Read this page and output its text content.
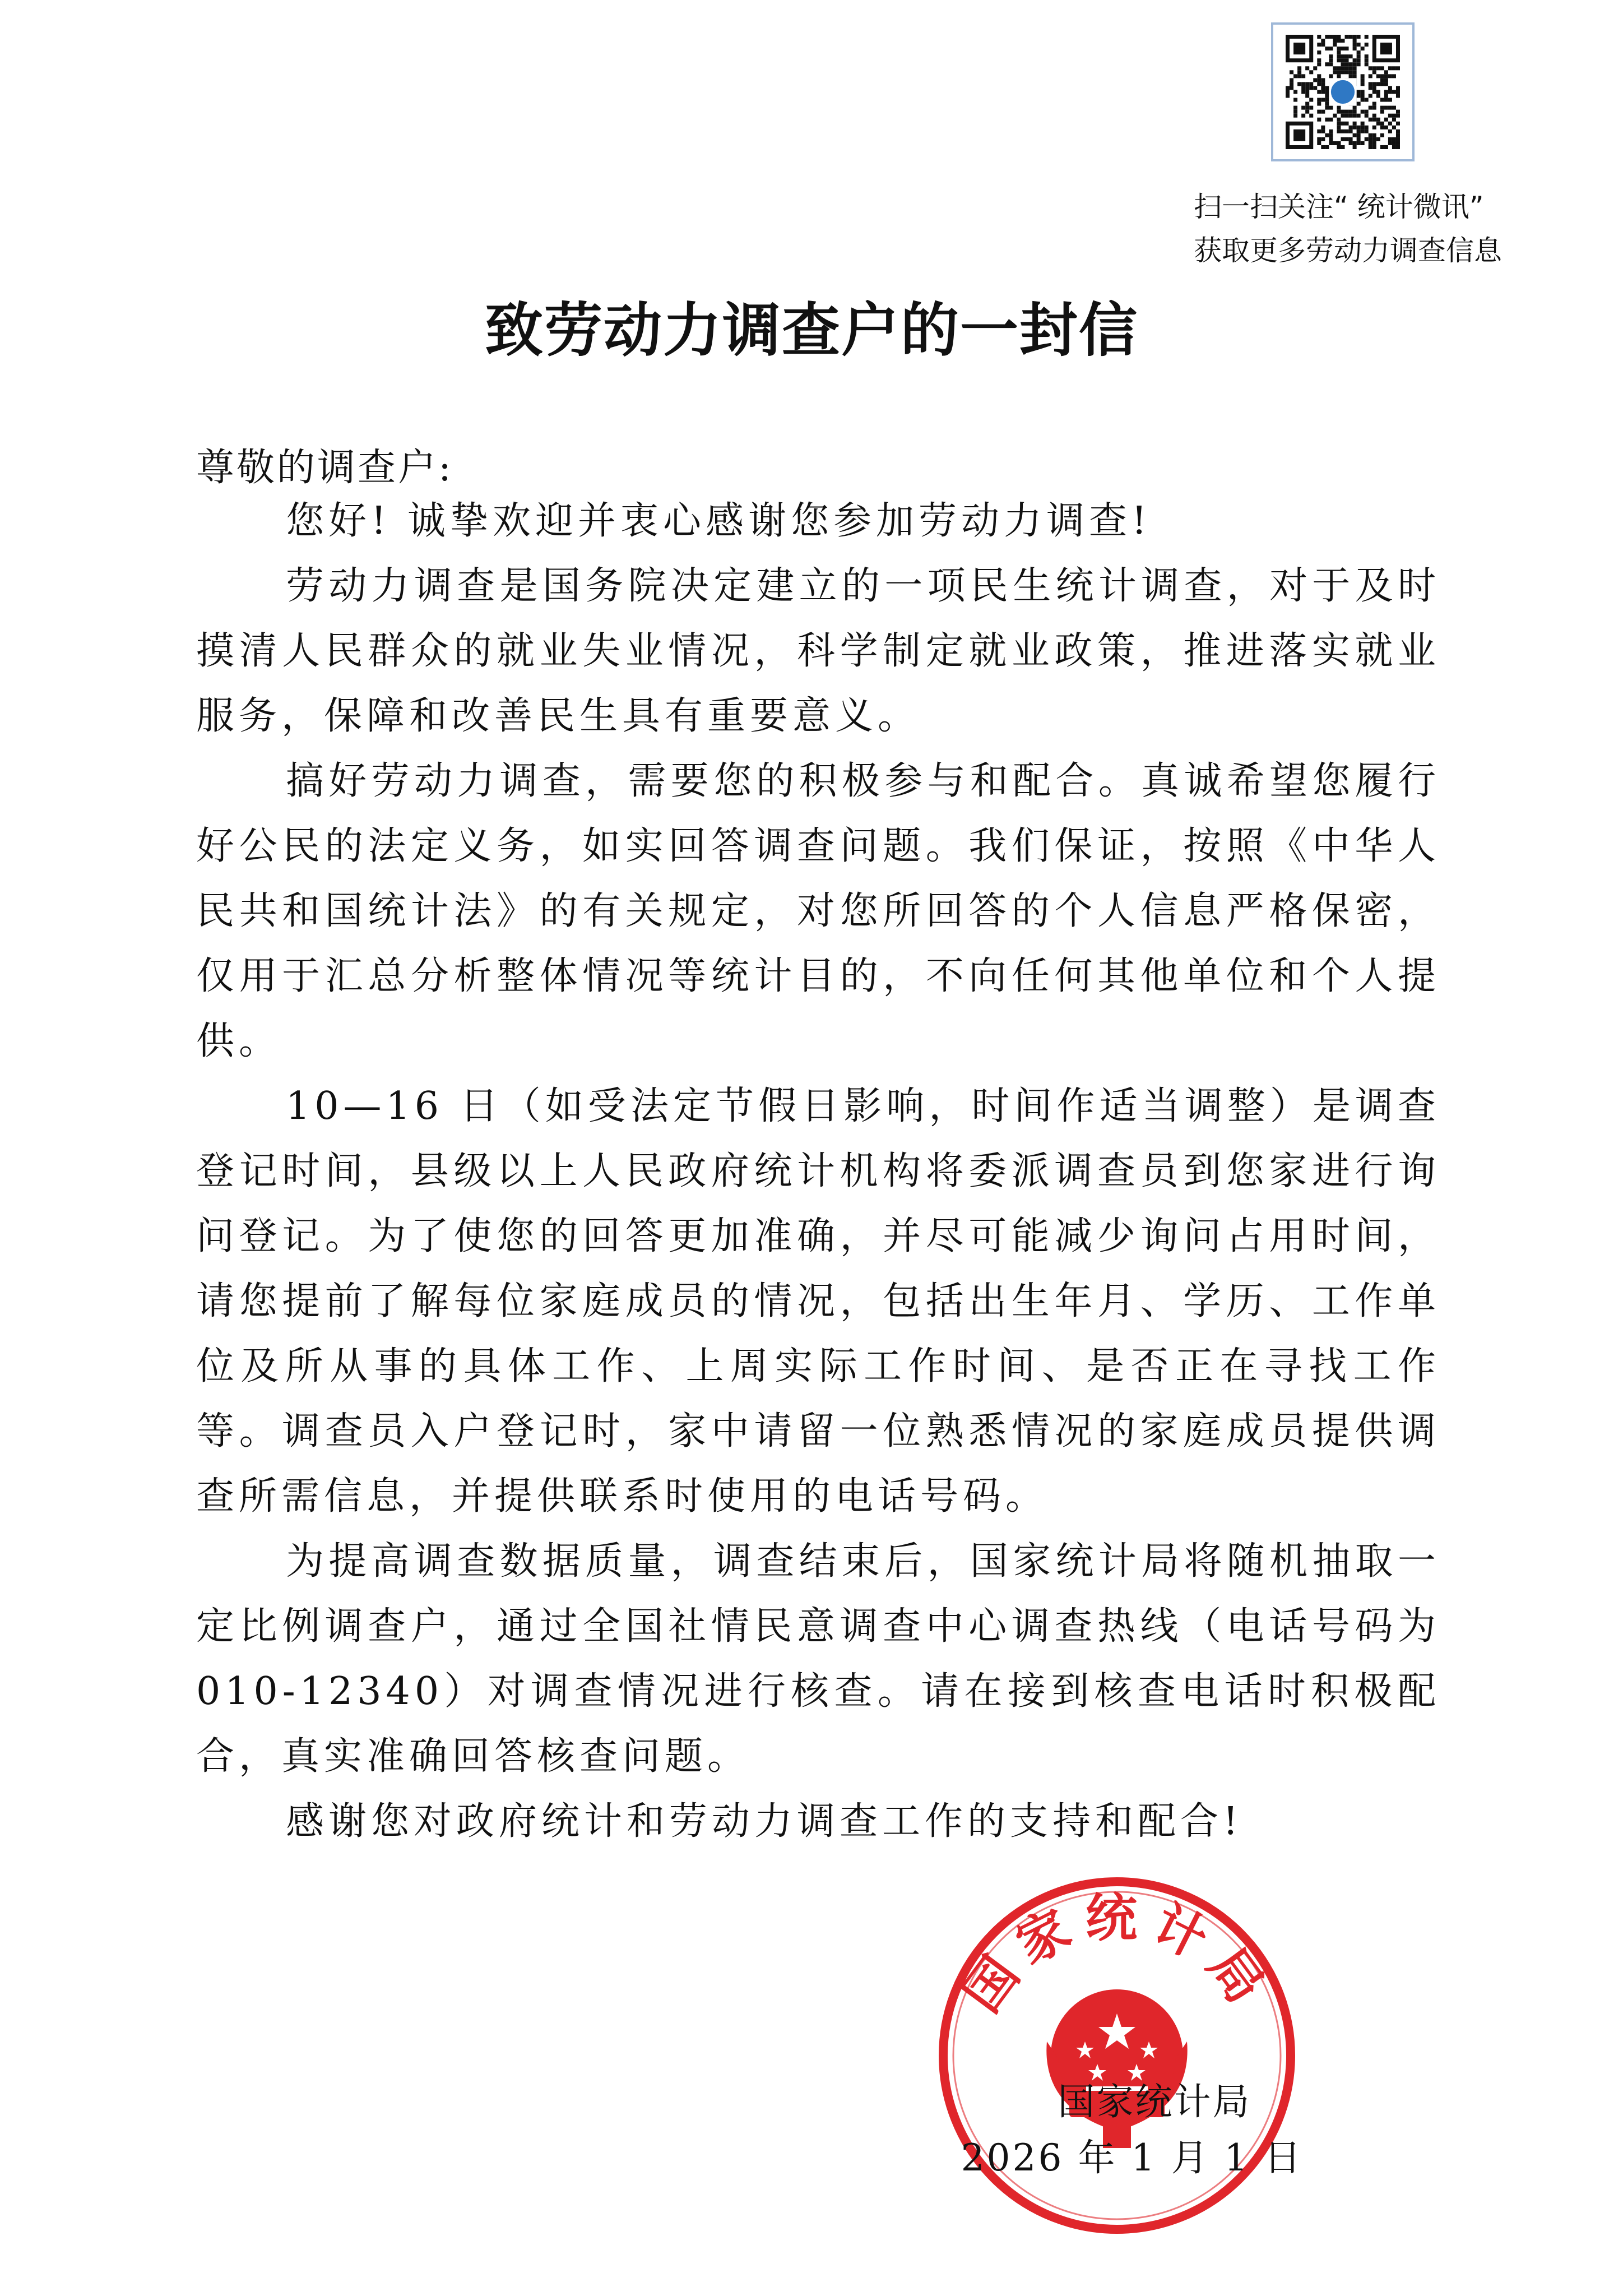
扫一扫关注“ 统计微讯”
获取更多劳动力调查信息
致劳动力调查户的一封信
尊敬的调查户:

您好! 诚挚欢迎并衷心感谢您参加劳动力调查!

劳动力调查是国务院决定建立的一项民生统计调查，对于及时摸清人民群众的就业失业情况，科学制定就业政策，推进落实就业服务，保障和改善民生具有重要意义。

搞好劳动力调查，需要您的积极参与和配合。真诚希望您履行好公民的法定义务，如实回答调查问题。我们保证，按照《中华人民共和国统计法》的有关规定，对您所回答的个人信息严格保密，仅用于汇总分析整体情况等统计目的，不向任何其他单位和个人提供。

10—16 日（如受法定节假日影响，时间作适当调整）是调查登记时间，县级以上人民政府统计机构将委派调查员到您家进行询问登记。为了使您的回答更加准确，并尽可能减少询问占用时间，请您提前了解每位家庭成员的情况，包括出生年月、学历、工作单位及所从事的具体工作、上周实际工作时间、是否正在寻找工作等。调查员入户登记时，家中请留一位熟悉情况的家庭成员提供调查所需信息，并提供联系时使用的电话号码。

为提高调查数据质量，调查结束后，国家统计局将随机抽取一定比例调查户，通过全国社情民意调查中心调查热线（电话号码为 010-12340）对调查情况进行核查。请在接到核查电话时积极配合，真实准确回答核查问题。

感谢您对政府统计和劳动力调查工作的支持和配合!

国家统计局
国家统计局
2026 年 1 月 1 日
